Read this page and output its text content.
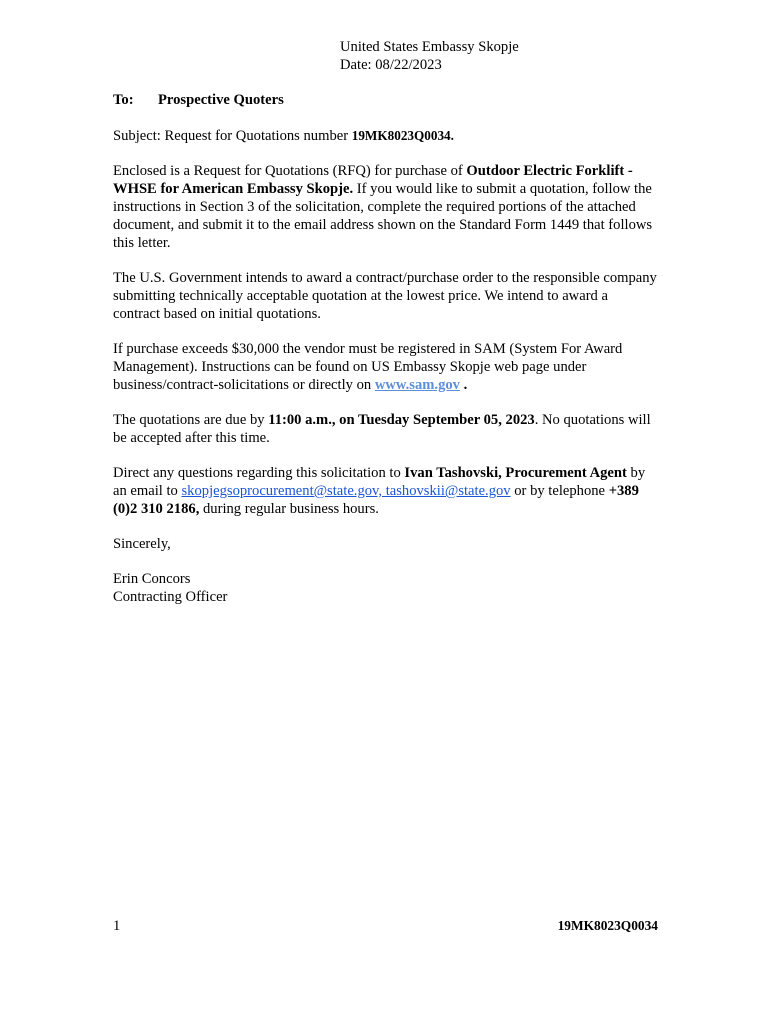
United States Embassy Skopje
Date: 08/22/2023
To: Prospective Quoters

Subject: Request for Quotations number 19MK8023Q0034.

Enclosed is a Request for Quotations (RFQ) for purchase of Outdoor Electric Forklift - WHSE for American Embassy Skopje. If you would like to submit a quotation, follow the instructions in Section 3 of the solicitation, complete the required portions of the attached document, and submit it to the email address shown on the Standard Form 1449 that follows this letter.

The U.S. Government intends to award a contract/purchase order to the responsible company submitting technically acceptable quotation at the lowest price. We intend to award a contract based on initial quotations.

If purchase exceeds $30,000 the vendor must be registered in SAM (System For Award Management). Instructions can be found on US Embassy Skopje web page under business/contract-solicitations or directly on www.sam.gov .

The quotations are due by 11:00 a.m., on Tuesday September 05, 2023. No quotations will be accepted after this time.

Direct any questions regarding this solicitation to Ivan Tashovski, Procurement Agent by an email to skopjegsoprocurement@state.gov, tashovskii@state.gov or by telephone +389 (0)2 310 2186, during regular business hours.

Sincerely,

Erin Concors
Contracting Officer
1	19MK8023Q0034
